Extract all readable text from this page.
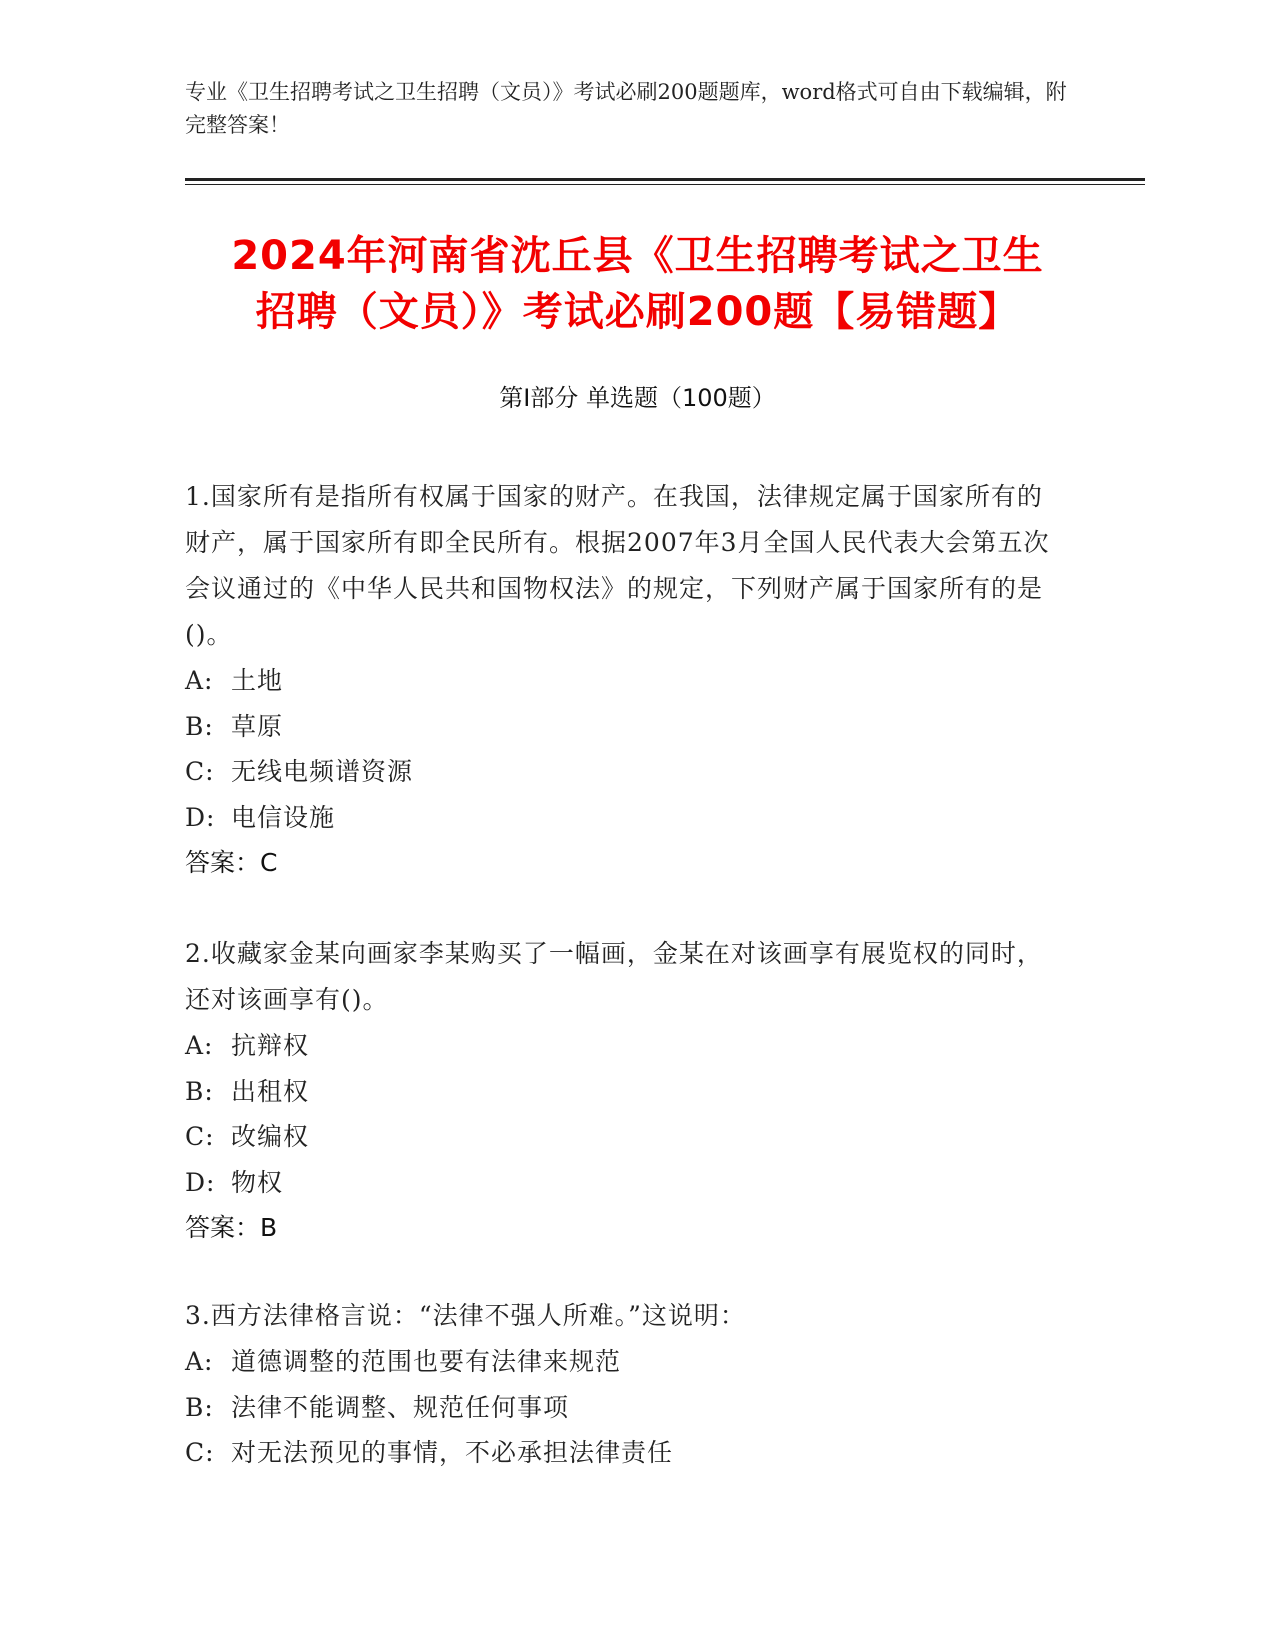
专业《卫生招聘考试之卫生招聘（文员）》考试必刷200题题库，word格式可自由下载编辑，附完整答案！
2024年河南省沈丘县《卫生招聘考试之卫生
招聘（文员）》考试必刷200题【易错题】
第Ⅰ部分 单选题（100题）
1.国家所有是指所有权属于国家的财产。在我国，法律规定属于国家所有的财产，属于国家所有即全民所有。根据2007年3月全国人民代表大会第五次会议通过的《中华人民共和国物权法》的规定，下列财产属于国家所有的是()。
A: 土地
B: 草原
C: 无线电频谱资源
D: 电信设施
答案：C
2.收藏家金某向画家李某购买了一幅画，金某在对该画享有展览权的同时，还对该画享有()。
A: 抗辩权
B: 出租权
C: 改编权
D: 物权
答案：B
3.西方法律格言说：“法律不强人所难。”这说明：
A: 道德调整的范围也要有法律来规范
B: 法律不能调整、规范任何事项
C: 对无法预见的事情，不必承担法律责任
